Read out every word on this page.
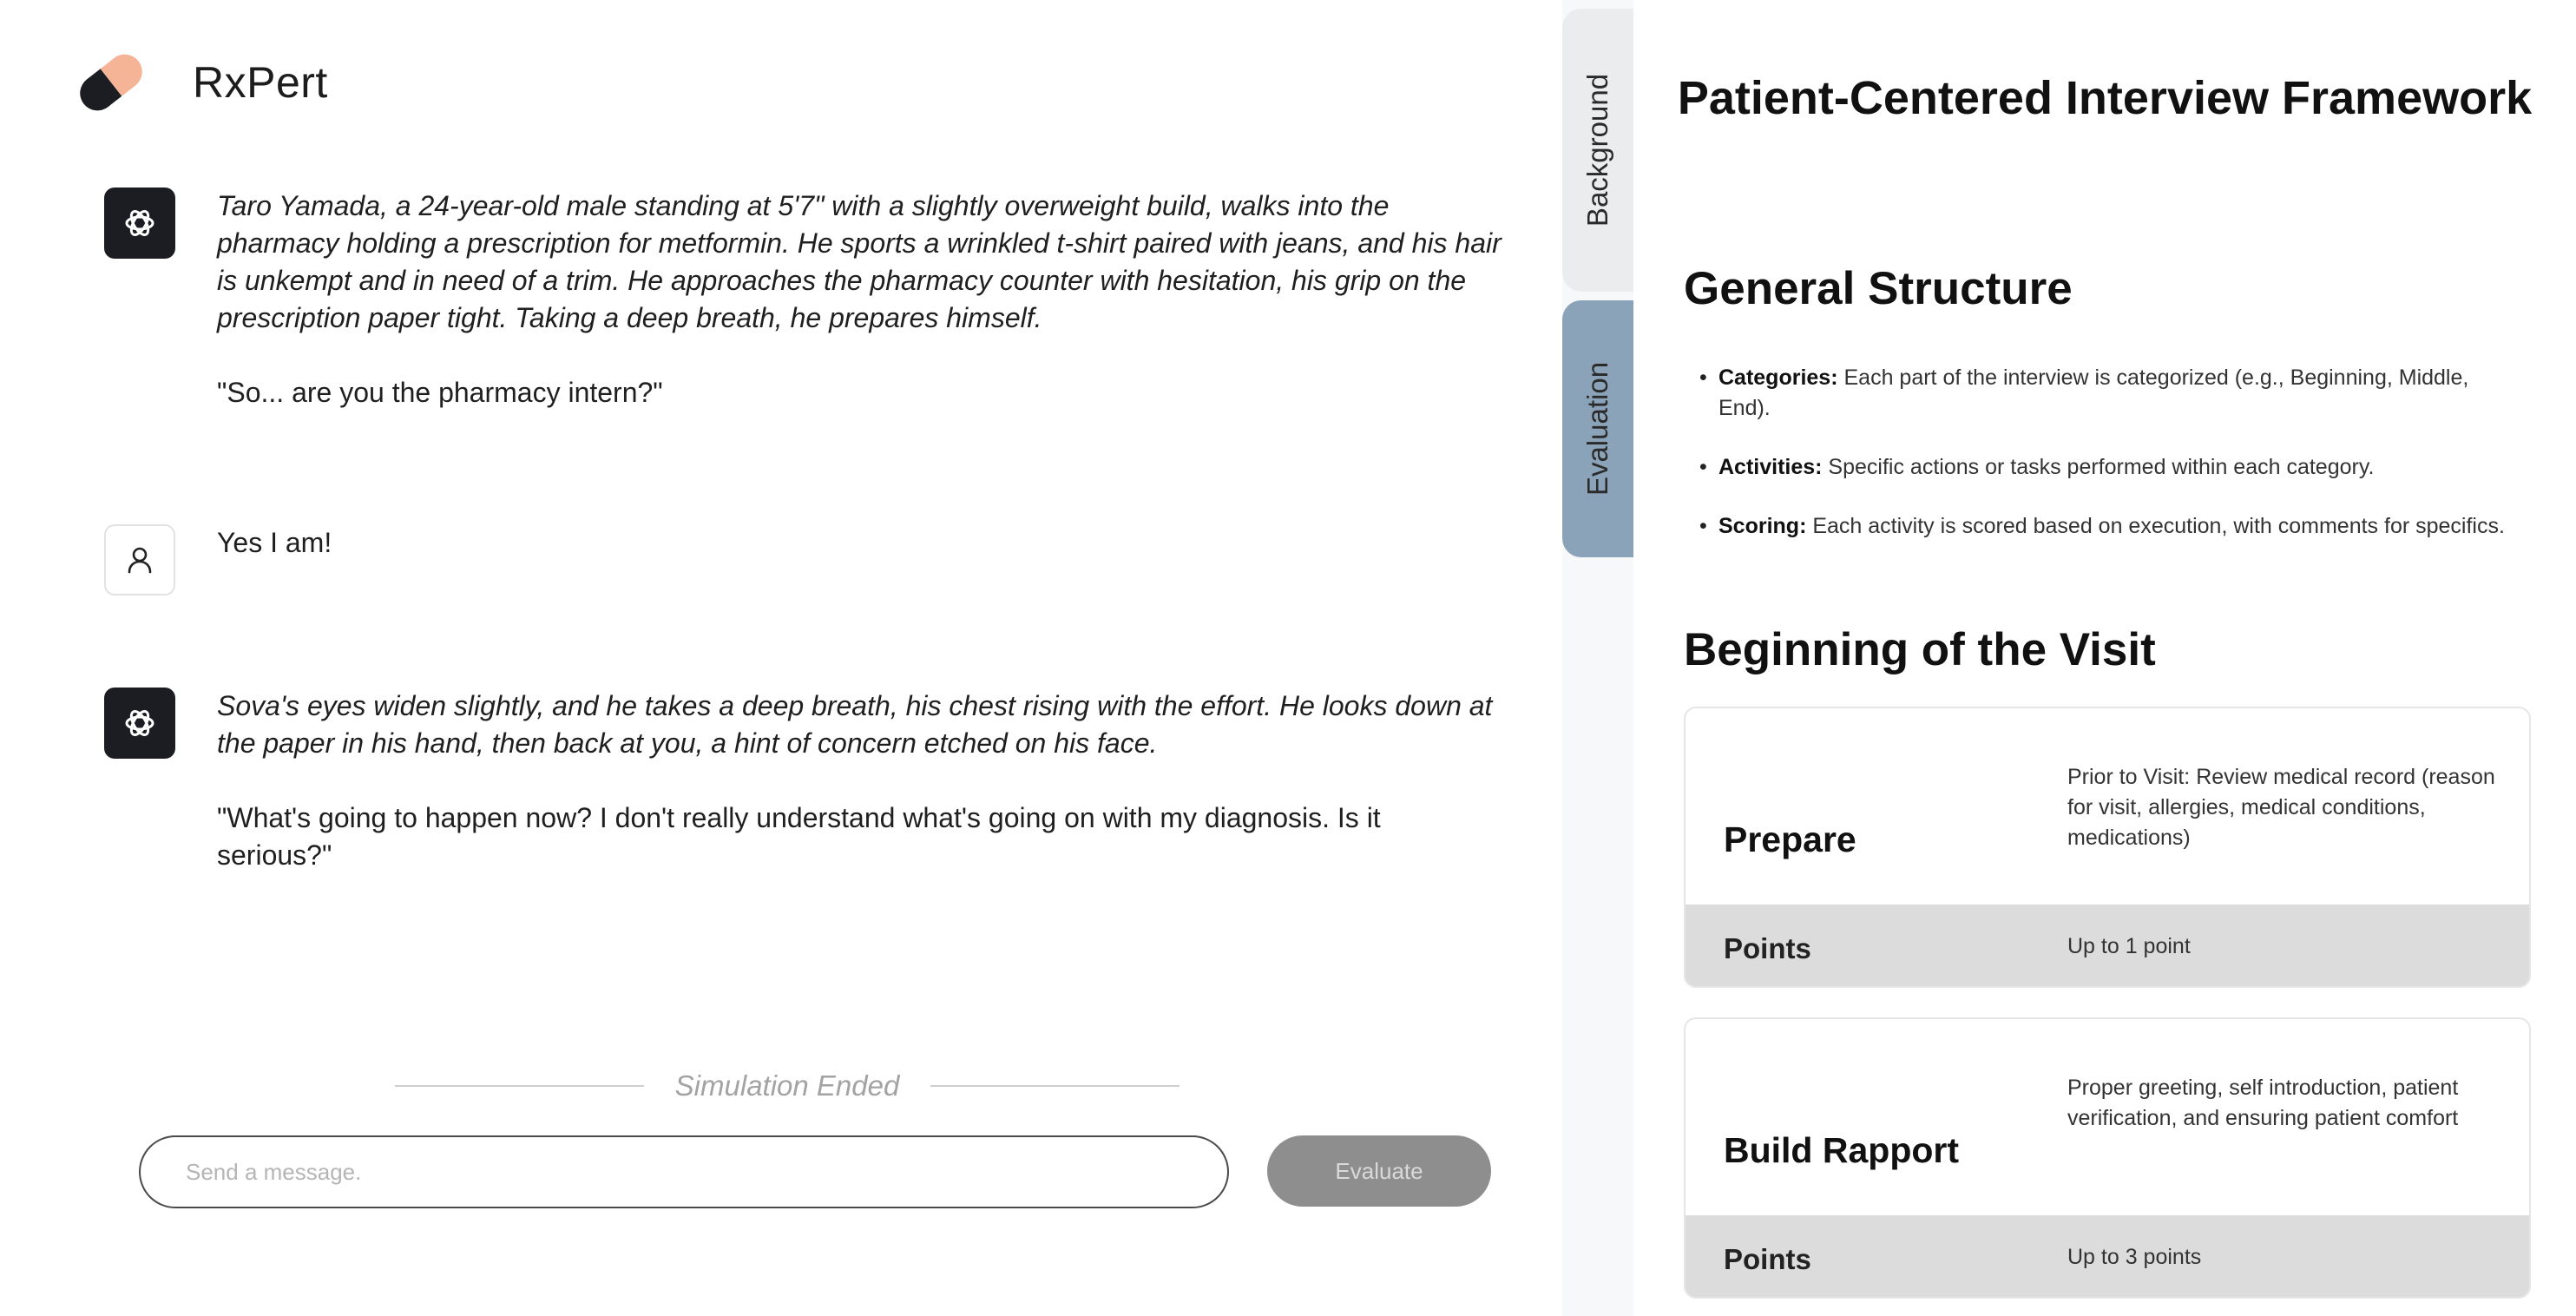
RxPert

Taro Yamada, a 24-year-old male standing at 5'7" with a slightly overweight build, walks into the pharmacy holding a prescription for metformin. He sports a wrinkled t-shirt paired with jeans, and his hair is unkempt and in need of a trim. He approaches the pharmacy counter with hesitation, his grip on the prescription paper tight. Taking a deep breath, he prepares himself.

"So... are you the pharmacy intern?"

Yes I am!

Sova's eyes widen slightly, and he takes a deep breath, his chest rising with the effort. He looks down at the paper in his hand, then back at you, a hint of concern etched on his face.

"What's going to happen now? I don't really understand what's going on with my diagnosis. Is it serious?"

Simulation Ended
Send a message.
Evaluate
Background
Evaluation
Patient-Centered Interview Framework
General Structure
• Categories: Each part of the interview is categorized (e.g., Beginning, Middle, End).
• Activities: Specific actions or tasks performed within each category.
• Scoring: Each activity is scored based on execution, with comments for specifics.
Beginning of the Visit
Prepare
Prior to Visit: Review medical record (reason for visit, allergies, medical conditions, medications)
Points	Up to 1 point
Build Rapport
Proper greeting, self introduction, patient verification, and ensuring patient comfort
Points	Up to 3 points
